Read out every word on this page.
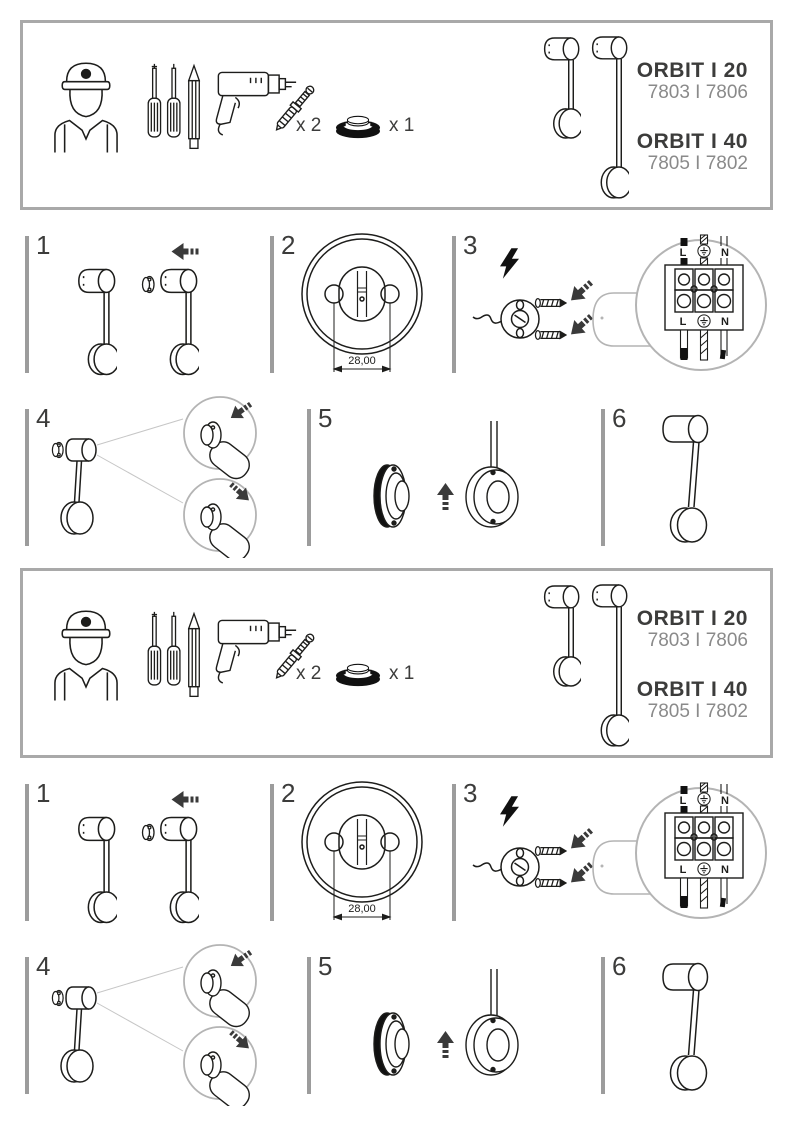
x 2	x 1
ORBIT I 20
7803 I 7806
ORBIT I 40
7805 I 7802
1
28,00
2	L	N
L	N
3
4	5	6
x 2	x 1
ORBIT I 20
7803 I 7806
ORBIT I 40
7805 I 7802
1
28,00
2	L	N
L	N
3
4	5	6
